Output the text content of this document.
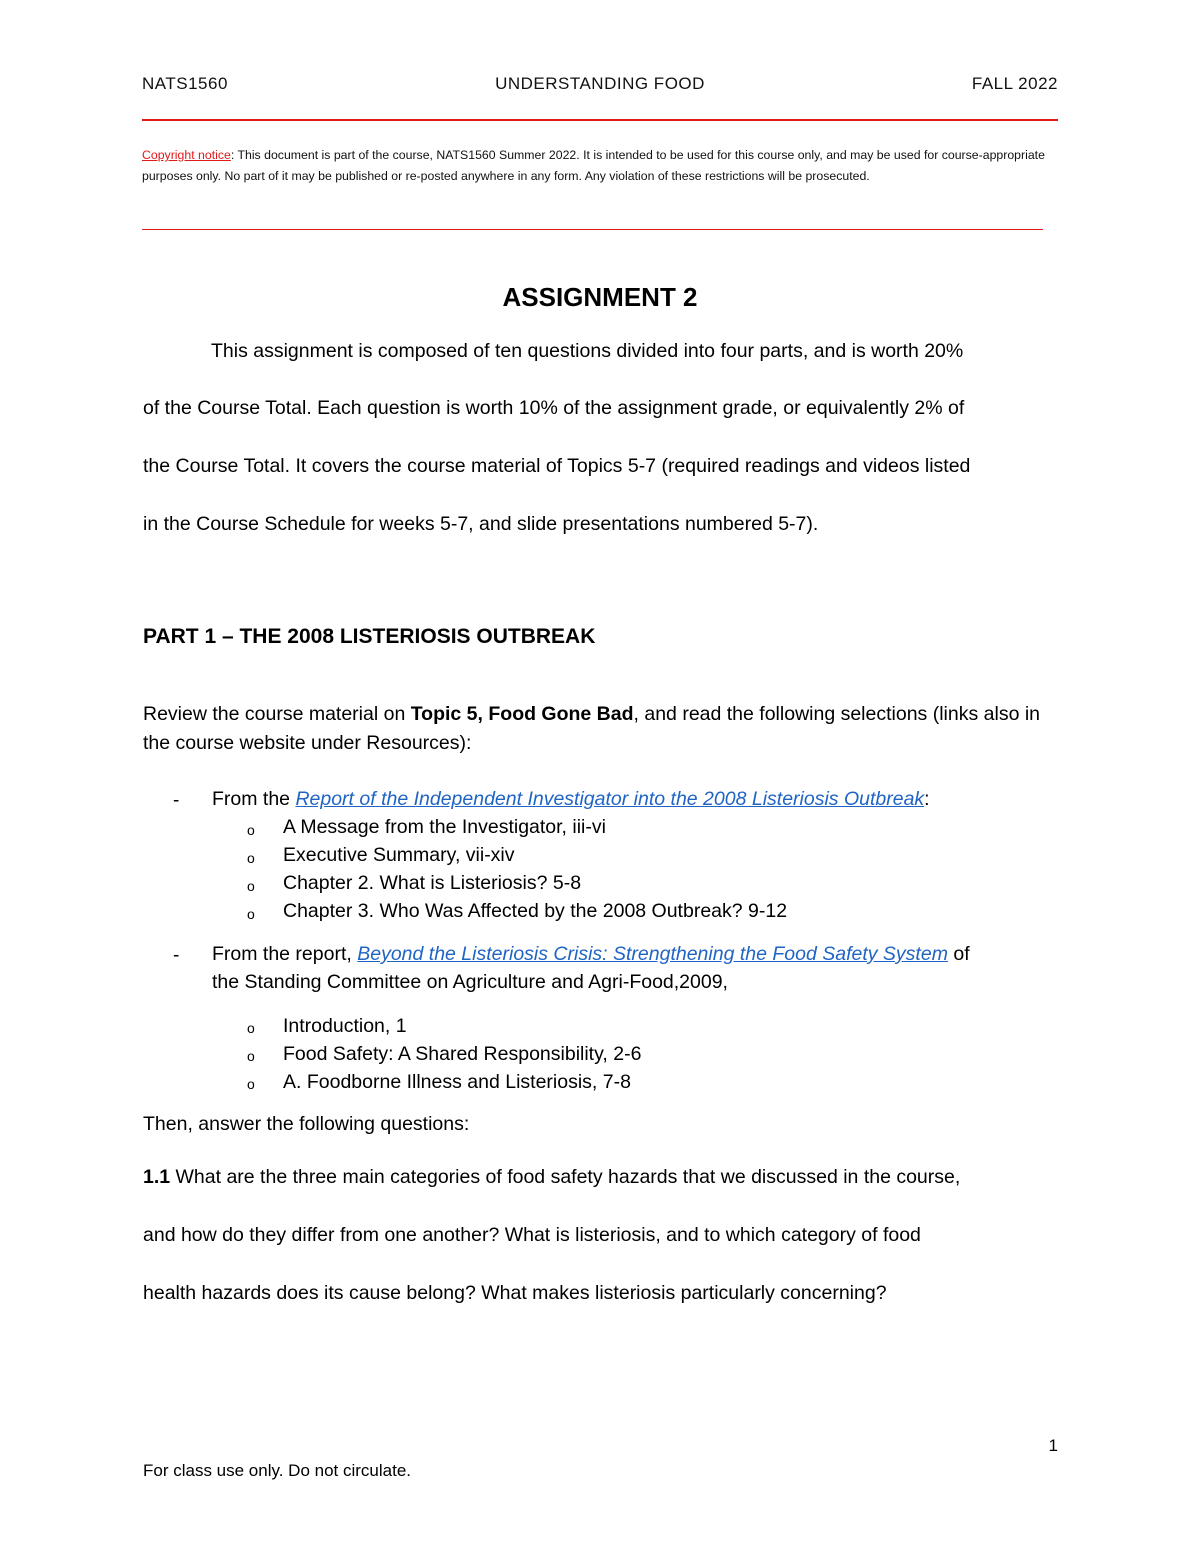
NATS1560	UNDERSTANDING FOOD	FALL 2022
Copyright notice: This document is part of the course, NATS1560 Summer 2022. It is intended to be used for this course only, and may be used for course-appropriate purposes only. No part of it may be published or re-posted anywhere in any form. Any violation of these restrictions will be prosecuted.
ASSIGNMENT 2
This assignment is composed of ten questions divided into four parts, and is worth 20%
of the Course Total. Each question is worth 10% of the assignment grade, or equivalently 2% of
the Course Total. It covers the course material of Topics 5-7 (required readings and videos listed
in the Course Schedule for weeks 5-7, and slide presentations numbered 5-7).
PART 1 – THE 2008 LISTERIOSIS OUTBREAK
Review the course material on Topic 5, Food Gone Bad, and read the following selections (links also in the course website under Resources):
- From the Report of the Independent Investigator into the 2008 Listeriosis Outbreak:
o A Message from the Investigator, iii-vi
o Executive Summary, vii-xiv
o Chapter 2. What is Listeriosis? 5-8
o Chapter 3. Who Was Affected by the 2008 Outbreak? 9-12
- From the report, Beyond the Listeriosis Crisis: Strengthening the Food Safety System of
the Standing Committee on Agriculture and Agri-Food,2009,
o Introduction, 1
o Food Safety: A Shared Responsibility, 2-6
o A. Foodborne Illness and Listeriosis, 7-8
Then, answer the following questions:
1.1 What are the three main categories of food safety hazards that we discussed in the course,
and how do they differ from one another? What is listeriosis, and to which category of food
health hazards does its cause belong? What makes listeriosis particularly concerning?
1
For class use only. Do not circulate.
